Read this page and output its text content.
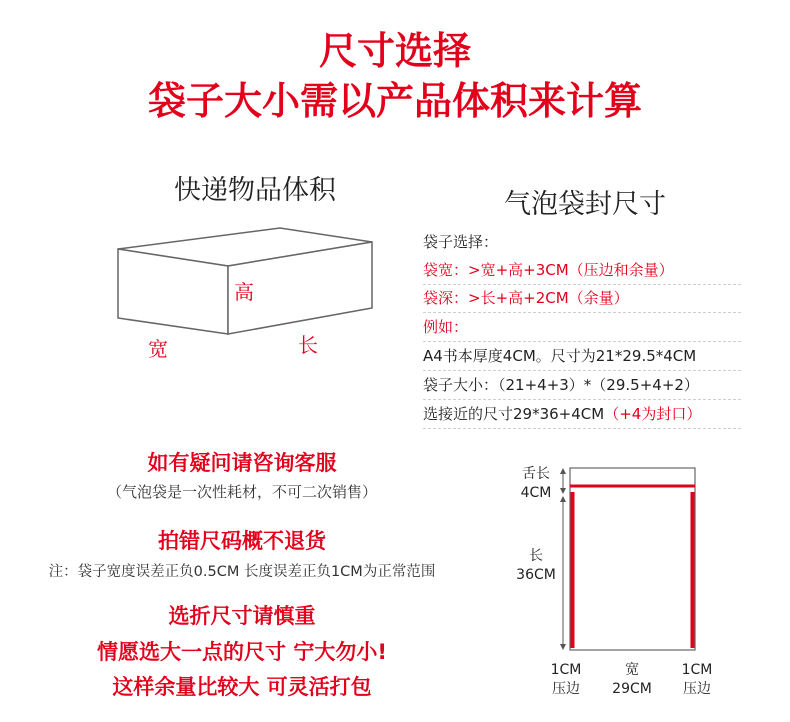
尺寸选择
袋子大小需以产品体积来计算
快递物品体积
高
宽	长
气泡袋封尺寸
袋子选择：
袋宽：>宽+高+3CM（压边和余量）
袋深：>长+高+2CM（余量）
例如：
A4书本厚度4CM。尺寸为21*29.5*4CM
袋子大小：（21+4+3）*（29.5+4+2）
选接近的尺寸29*36+4CM（+4为封口）
如有疑问请咨询客服
（气泡袋是一次性耗材，不可二次销售）
拍错尺码概不退货
注：袋子宽度误差正负0.5CM 长度误差正负1CM为正常范围
选折尺寸请慎重
情愿选大一点的尺寸 宁大勿小!
这样余量比较大 可灵活打包
舌长
4CM
长
36CM
1CM
压边
宽
29CM
1CM
压边
